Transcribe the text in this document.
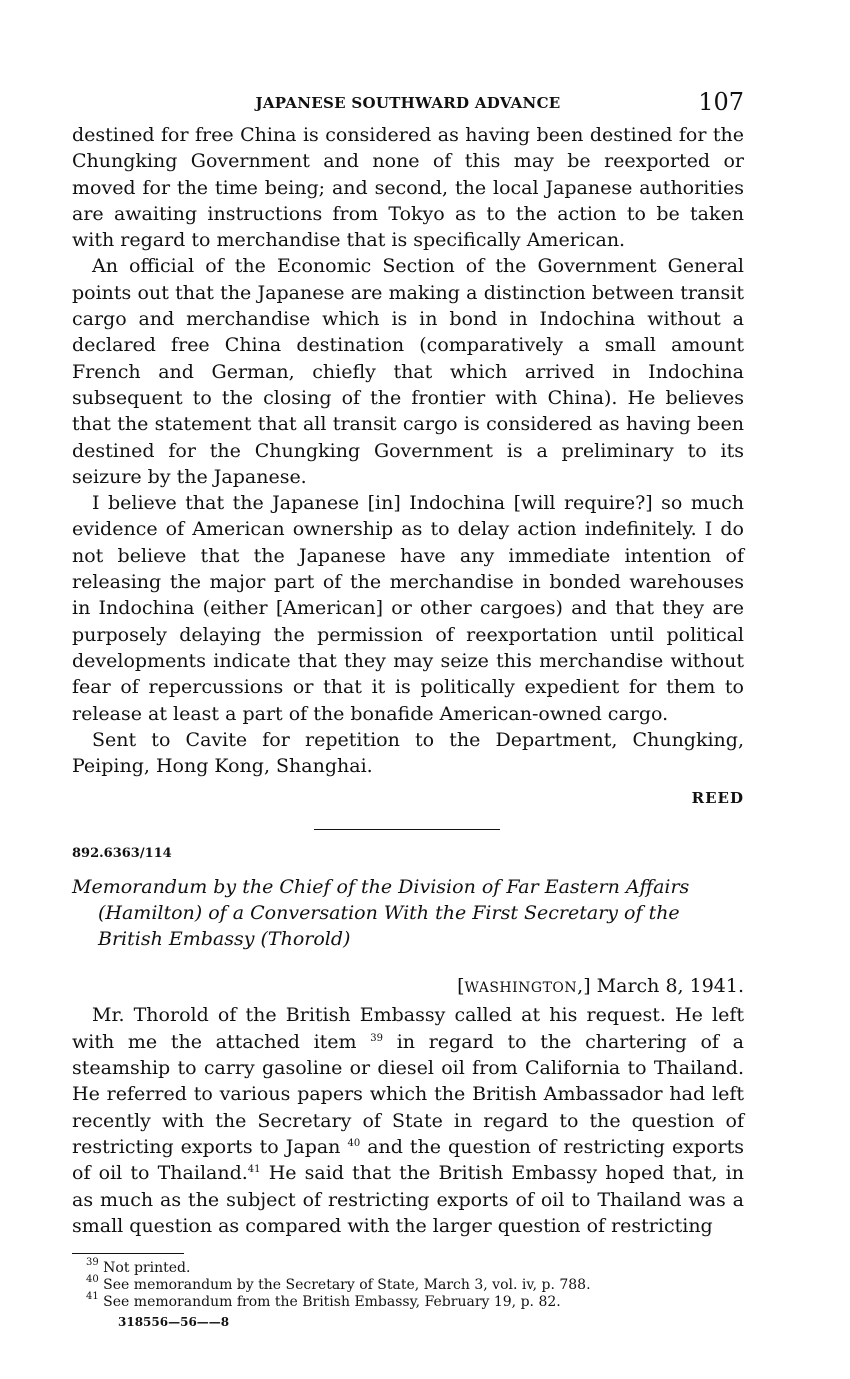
JAPANESE SOUTHWARD ADVANCE	107

destined for free China is considered as having been destined for the Chungking Government and none of this may be reexported or moved for the time being; and second, the local Japanese authorities are awaiting instructions from Tokyo as to the action to be taken with regard to merchandise that is specifically American.

An official of the Economic Section of the Government General points out that the Japanese are making a distinction between transit cargo and merchandise which is in bond in Indochina without a declared free China destination (comparatively a small amount French and German, chiefly that which arrived in Indochina subsequent to the closing of the frontier with China). He believes that the statement that all transit cargo is considered as having been destined for the Chungking Government is a preliminary to its seizure by the Japanese.

I believe that the Japanese [in] Indochina [will require?] so much evidence of American ownership as to delay action indefinitely. I do not believe that the Japanese have any immediate intention of releasing the major part of the merchandise in bonded warehouses in Indochina (either [American] or other cargoes) and that they are purposely delaying the permission of reexportation until political developments indicate that they may seize this merchandise without fear of repercussions or that it is politically expedient for them to release at least a part of the bonafide American-owned cargo.

Sent to Cavite for repetition to the Department, Chungking, Peiping, Hong Kong, Shanghai.

REED
892.6363/114
Memorandum by the Chief of the Division of Far Eastern Affairs (Hamilton) of a Conversation With the First Secretary of the British Embassy (Thorold)
[WASHINGTON,] March 8, 1941.

Mr. Thorold of the British Embassy called at his request. He left with me the attached item $^{39}$ in regard to the chartering of a steamship to carry gasoline or diesel oil from California to Thailand. He referred to various papers which the British Ambassador had left recently with the Secretary of State in regard to the question of restricting exports to Japan $^{40}$ and the question of restricting exports of oil to Thailand.$^{41}$ He said that the British Embassy hoped that, in as much as the subject of restricting exports of oil to Thailand was a small question as compared with the larger question of restricting

$^{39}$ Not printed.
$^{40}$ See memorandum by the Secretary of State, March 3, vol. iv, p. 788.
$^{41}$ See memorandum from the British Embassy, February 19, p. 82.
318556—56——8
